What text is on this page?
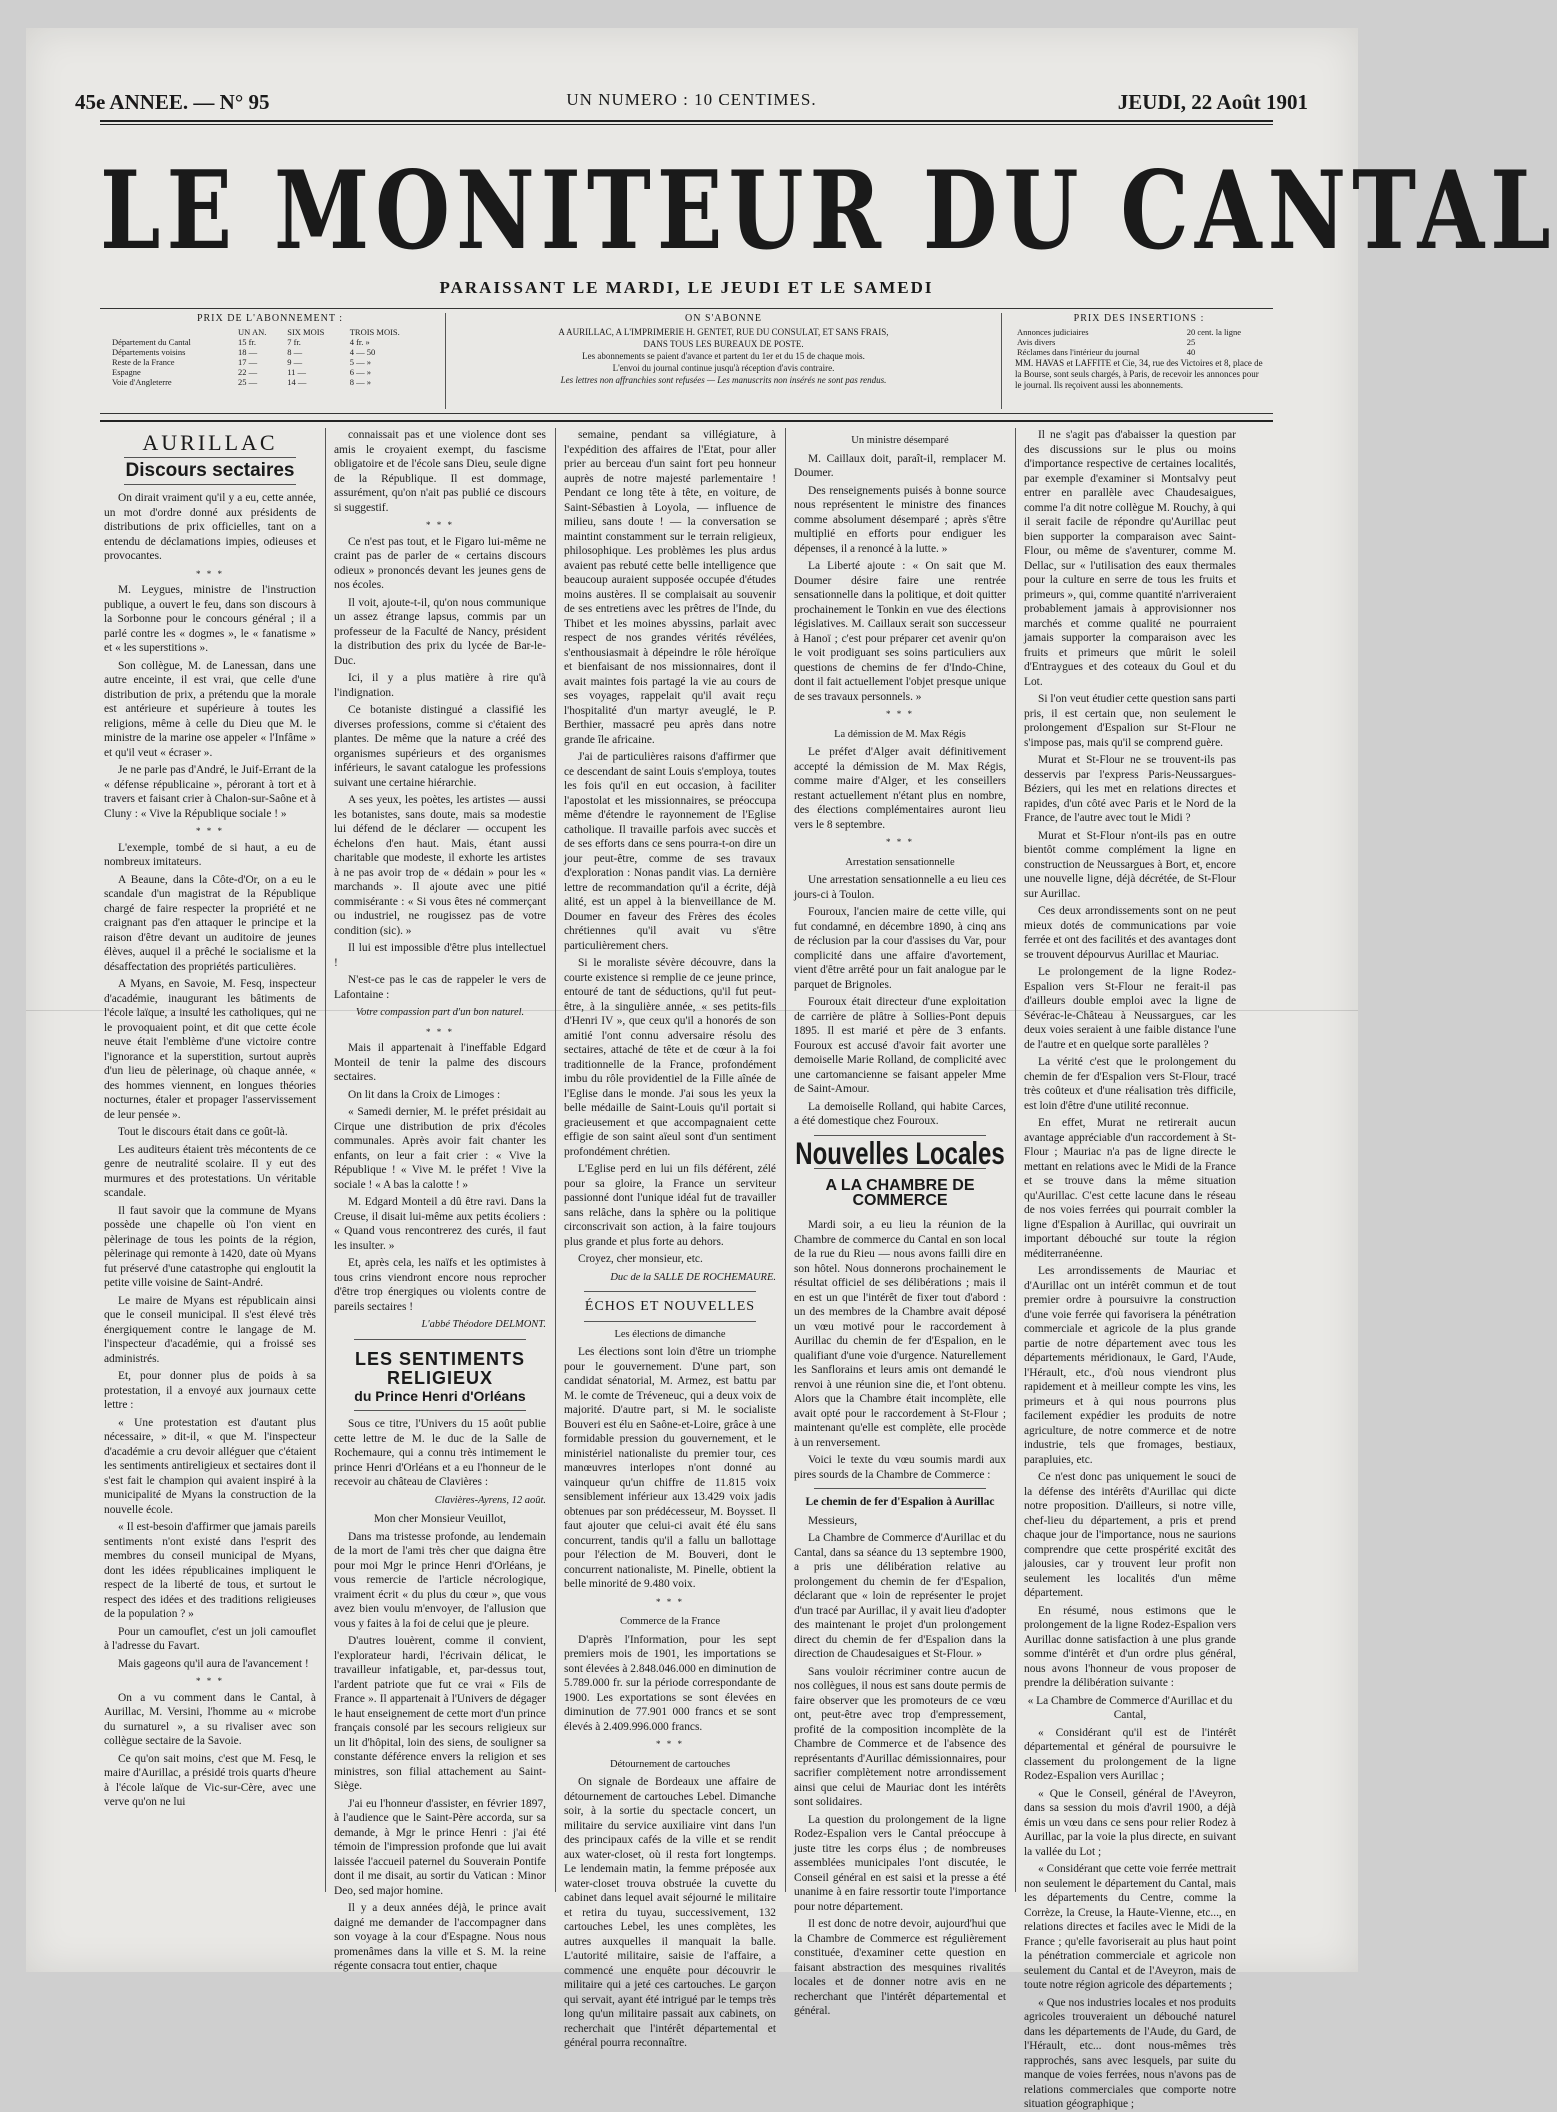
45e ANNEE. — N° 95	UN NUMERO : 10 CENTIMES.	JEUDI, 22 Août 1901
LE MONITEUR DU CANTAL
PARAISSANT LE MARDI, LE JEUDI ET LE SAMEDI
PRIX DE L'ABONNEMENT :
	UN AN.	SIX MOIS	TROIS MOIS.
Département du Cantal	15 fr.	7 fr.	4 fr. »
Départements voisins	18 —	8 —	4 — 50
Reste de la France	17 —	9 —	5 — »
Espagne	22 —	11 —	6 — »
Voie d'Angleterre	25 —	14 —	8 — »
ON S'ABONNE

A AURILLAC, A L'IMPRIMERIE H. GENTET, RUE DU CONSULAT, ET SANS FRAIS,

DANS TOUS LES BUREAUX DE POSTE.

Les abonnements se paient d'avance et partent du 1er et du 15 de chaque mois.

L'envoi du journal continue jusqu'à réception d'avis contraire.

Les lettres non affranchies sont refusées — Les manuscrits non insérés ne sont pas rendus.

PRIX DES INSERTIONS :
Annonces judiciaires	20 cent. la ligne
Avis divers	25
Réclames dans l'intérieur du journal	40

MM. HAVAS et LAFFITE et Cie, 34, rue des Victoires et 8, place de la Bourse, sont seuls chargés, à Paris, de recevoir les annonces pour le journal. Ils reçoivent aussi les abonnements.

AURILLAC
Discours sectaires

On dirait vraiment qu'il y a eu, cette année, un mot d'ordre donné aux présidents de distributions de prix officielles, tant on a entendu de déclamations impies, odieuses et provocantes.

* * *

M. Leygues, ministre de l'instruction publique, a ouvert le feu, dans son discours à la Sorbonne pour le concours général ; il a parlé contre les « dogmes », le « fanatisme » et « les superstitions ».

Son collègue, M. de Lanessan, dans une autre enceinte, il est vrai, que celle d'une distribution de prix, a prétendu que la morale est antérieure et supérieure à toutes les religions, même à celle du Dieu que M. le ministre de la marine ose appeler « l'Infâme » et qu'il veut « écraser ».

Je ne parle pas d'André, le Juif-Errant de la « défense républicaine », pérorant à tort et à travers et faisant crier à Chalon-sur-Saône et à Cluny : « Vive la République sociale ! »

* * *

L'exemple, tombé de si haut, a eu de nombreux imitateurs.

A Beaune, dans la Côte-d'Or, on a eu le scandale d'un magistrat de la République chargé de faire respecter la propriété et ne craignant pas d'en attaquer le principe et la raison d'être devant un auditoire de jeunes élèves, auquel il a prêché le socialisme et la désaffectation des propriétés particulières.

A Myans, en Savoie, M. Fesq, inspecteur d'académie, inaugurant les bâtiments de l'école laïque, a insulté les catholiques, qui ne le provoquaient point, et dit que cette école neuve était l'emblème d'une victoire contre l'ignorance et la superstition, surtout auprès d'un lieu de pèlerinage, où chaque année, « des hommes viennent, en longues théories nocturnes, étaler et propager l'asservissement de leur pensée ».

Tout le discours était dans ce goût-là.

Les auditeurs étaient très mécontents de ce genre de neutralité scolaire. Il y eut des murmures et des protestations. Un véritable scandale.

Il faut savoir que la commune de Myans possède une chapelle où l'on vient en pèlerinage de tous les points de la région, pèlerinage qui remonte à 1420, date où Myans fut préservé d'une catastrophe qui engloutit la petite ville voisine de Saint-André.

Le maire de Myans est républicain ainsi que le conseil municipal. Il s'est élevé très énergiquement contre le langage de M. l'inspecteur d'académie, qui a froissé ses administrés.

Et, pour donner plus de poids à sa protestation, il a envoyé aux journaux cette lettre :

« Une protestation est d'autant plus nécessaire, » dit-il, « que M. l'inspecteur d'académie a cru devoir alléguer que c'étaient les sentiments antireligieux et sectaires dont il s'est fait le champion qui avaient inspiré à la municipalité de Myans la construction de la nouvelle école.

« Il est-besoin d'affirmer que jamais pareils sentiments n'ont existé dans l'esprit des membres du conseil municipal de Myans, dont les idées républicaines impliquent le respect de la liberté de tous, et surtout le respect des idées et des traditions religieuses de la population ? »

Pour un camouflet, c'est un joli camouflet à l'adresse du Favart.

Mais gageons qu'il aura de l'avancement !

* * *

On a vu comment dans le Cantal, à Aurillac, M. Versini, l'homme au « microbe du surnaturel », a su rivaliser avec son collègue sectaire de la Savoie.

Ce qu'on sait moins, c'est que M. Fesq, le maire d'Aurillac, a présidé trois quarts d'heure à l'école laïque de Vic-sur-Cère, avec une verve qu'on ne lui

connaissait pas et une violence dont ses amis le croyaient exempt, du fascisme obligatoire et de l'école sans Dieu, seule digne de la République. Il est dommage, assurément, qu'on n'ait pas publié ce discours si suggestif.

* * *

Ce n'est pas tout, et le Figaro lui-même ne craint pas de parler de « certains discours odieux » prononcés devant les jeunes gens de nos écoles.

Il voit, ajoute-t-il, qu'on nous communique un assez étrange lapsus, commis par un professeur de la Faculté de Nancy, président la distribution des prix du lycée de Bar-le-Duc.

Ici, il y a plus matière à rire qu'à l'indignation.

Ce botaniste distingué a classifié les diverses professions, comme si c'étaient des plantes. De même que la nature a créé des organismes supérieurs et des organismes inférieurs, le savant catalogue les professions suivant une certaine hiérarchie.

A ses yeux, les poètes, les artistes — aussi les botanistes, sans doute, mais sa modestie lui défend de le déclarer — occupent les échelons d'en haut. Mais, étant aussi charitable que modeste, il exhorte les artistes à ne pas avoir trop de « dédain » pour les « marchands ». Il ajoute avec une pitié commisérante : « Si vous êtes né commerçant ou industriel, ne rougissez pas de votre condition (sic). »

Il lui est impossible d'être plus intellectuel !

N'est-ce pas le cas de rappeler le vers de Lafontaine :

Votre compassion part d'un bon naturel.

* * *

Mais il appartenait à l'ineffable Edgard Monteil de tenir la palme des discours sectaires.

On lit dans la Croix de Limoges :

« Samedi dernier, M. le préfet présidait au Cirque une distribution de prix d'écoles communales. Après avoir fait chanter les enfants, on leur a fait crier : « Vive la République ! « Vive M. le préfet ! Vive la sociale ! « A bas la calotte ! »

M. Edgard Monteil a dû être ravi. Dans la Creuse, il disait lui-même aux petits écoliers : « Quand vous rencontrerez des curés, il faut les insulter. »

Et, après cela, les naïfs et les optimistes à tous crins viendront encore nous reprocher d'être trop énergiques ou violents contre de pareils sectaires !

L'abbé Théodore DELMONT.

LES SENTIMENTS RELIGIEUX
du Prince Henri d'Orléans

Sous ce titre, l'Univers du 15 août publie cette lettre de M. le duc de la Salle de Rochemaure, qui a connu très intimement le prince Henri d'Orléans et a eu l'honneur de le recevoir au château de Clavières :

Clavières-Ayrens, 12 août.

Mon cher Monsieur Veuillot,

Dans ma tristesse profonde, au lendemain de la mort de l'ami très cher que daigna être pour moi Mgr le prince Henri d'Orléans, je vous remercie de l'article nécrologique, vraiment écrit « du plus du cœur », que vous avez bien voulu m'envoyer, de l'allusion que vous y faites à la foi de celui que je pleure.

D'autres louèrent, comme il convient, l'explorateur hardi, l'écrivain délicat, le travailleur infatigable, et, par-dessus tout, l'ardent patriote que fut ce vrai « Fils de France ». Il appartenait à l'Univers de dégager le haut enseignement de cette mort d'un prince français consolé par les secours religieux sur un lit d'hôpital, loin des siens, de souligner sa constante déférence envers la religion et ses ministres, son filial attachement au Saint-Siège.

J'ai eu l'honneur d'assister, en février 1897, à l'audience que le Saint-Père accorda, sur sa demande, à Mgr le prince Henri : j'ai été témoin de l'impression profonde que lui avait laissée l'accueil paternel du Souverain Pontife dont il me disait, au sortir du Vatican : Minor Deo, sed major homine.

Il y a deux années déjà, le prince avait daigné me demander de l'accompagner dans son voyage à la cour d'Espagne. Nous nous promenâmes dans la ville et S. M. la reine régente consacra tout entier, chaque

semaine, pendant sa villégiature, à l'expédition des affaires de l'Etat, pour aller prier au berceau d'un saint fort peu honneur auprès de notre majesté parlementaire ! Pendant ce long tête à tête, en voiture, de Saint-Sébastien à Loyola, — influence de milieu, sans doute ! — la conversation se maintint constamment sur le terrain religieux, philosophique. Les problèmes les plus ardus avaient pas rebuté cette belle intelligence que beaucoup auraient supposée occupée d'études moins austères. Il se complaisait au souvenir de ses entretiens avec les prêtres de l'Inde, du Thibet et les moines abyssins, parlait avec respect de nos grandes vérités révélées, s'enthousiasmait à dépeindre le rôle héroïque et bienfaisant de nos missionnaires, dont il avait maintes fois partagé la vie au cours de ses voyages, rappelait qu'il avait reçu l'hospitalité d'un martyr aveuglé, le P. Berthier, massacré peu après dans notre grande île africaine.

J'ai de particulières raisons d'affirmer que ce descendant de saint Louis s'employa, toutes les fois qu'il en eut occasion, à faciliter l'apostolat et les missionnaires, se préoccupa même d'étendre le rayonnement de l'Eglise catholique. Il travaille parfois avec succès et de ses efforts dans ce sens pourra-t-on dire un jour peut-être, comme de ses travaux d'exploration : Nonas pandit vias. La dernière lettre de recommandation qu'il a écrite, déjà alité, est un appel à la bienveillance de M. Doumer en faveur des Frères des écoles chrétiennes qu'il avait vu s'être particulièrement chers.

Si le moraliste sévère découvre, dans la courte existence si remplie de ce jeune prince, entouré de tant de séductions, qu'il fut peut-être, à la singulière année, « ses petits-fils d'Henri IV », que ceux qu'il a honorés de son amitié l'ont connu adversaire résolu des sectaires, attaché de tête et de cœur à la foi traditionnelle de la France, profondément imbu du rôle providentiel de la Fille aînée de l'Eglise dans le monde. J'ai sous les yeux la belle médaille de Saint-Louis qu'il portait si gracieusement et que accompagnaient cette effigie de son saint aïeul sont d'un sentiment profondément chrétien.

L'Eglise perd en lui un fils déférent, zélé pour sa gloire, la France un serviteur passionné dont l'unique idéal fut de travailler sans relâche, dans la sphère ou la politique circonscrivait son action, à la faire toujours plus grande et plus forte au dehors.

Croyez, cher monsieur, etc.

Duc de la SALLE DE ROCHEMAURE.

ÉCHOS ET NOUVELLES
Les élections de dimanche

Les élections sont loin d'être un triomphe pour le gouvernement. D'une part, son candidat sénatorial, M. Armez, est battu par M. le comte de Tréveneuc, qui a deux voix de majorité. D'autre part, si M. le socialiste Bouveri est élu en Saône-et-Loire, grâce à une formidable pression du gouvernement, et le ministériel nationaliste du premier tour, ces manœuvres interlopes n'ont donné au vainqueur qu'un chiffre de 11.815 voix sensiblement inférieur aux 13.429 voix jadis obtenues par son prédécesseur, M. Boysset. Il faut ajouter que celui-ci avait été élu sans concurrent, tandis qu'il a fallu un ballottage pour l'élection de M. Bouveri, dont le concurrent nationaliste, M. Pinelle, obtient la belle minorité de 9.480 voix.

* * *
Commerce de la France

D'après l'Information, pour les sept premiers mois de 1901, les importations se sont élevées à 2.848.046.000 en diminution de 5.789.000 fr. sur la période correspondante de 1900. Les exportations se sont élevées en diminution de 77.901 000 francs et se sont élevés à 2.409.996.000 francs.

* * *
Détournement de cartouches

On signale de Bordeaux une affaire de détournement de cartouches Lebel. Dimanche soir, à la sortie du spectacle concert, un militaire du service auxiliaire vint dans l'un des principaux cafés de la ville et se rendit aux water-closet, où il resta fort longtemps. Le lendemain matin, la femme préposée aux water-closet trouva obstruée la cuvette du cabinet dans lequel avait séjourné le militaire et retira du tuyau, successivement, 132 cartouches Lebel, les unes complètes, les autres auxquelles il manquait la balle. L'autorité militaire, saisie de l'affaire, a commencé une enquête pour découvrir le militaire qui a jeté ces cartouches. Le garçon qui servait, ayant été intrigué par le temps très long qu'un militaire passait aux cabinets, on recherchait que l'intérêt départemental et général pourra reconnaître.

Un ministre désemparé

M. Caillaux doit, paraît-il, remplacer M. Doumer.

Des renseignements puisés à bonne source nous représentent le ministre des finances comme absolument désemparé ; après s'être multiplié en efforts pour endiguer les dépenses, il a renoncé à la lutte. »

La Liberté ajoute : « On sait que M. Doumer désire faire une rentrée sensationnelle dans la politique, et doit quitter prochainement le Tonkin en vue des élections législatives. M. Caillaux serait son successeur à Hanoï ; c'est pour préparer cet avenir qu'on le voit prodiguant ses soins particuliers aux questions de chemins de fer d'Indo-Chine, dont il fait actuellement l'objet presque unique de ses travaux personnels. »

* * *
La démission de M. Max Régis

Le préfet d'Alger avait définitivement accepté la démission de M. Max Régis, comme maire d'Alger, et les conseillers restant actuellement n'étant plus en nombre, des élections complémentaires auront lieu vers le 8 septembre.

* * *
Arrestation sensationnelle

Une arrestation sensationnelle a eu lieu ces jours-ci à Toulon.

Fouroux, l'ancien maire de cette ville, qui fut condamné, en décembre 1890, à cinq ans de réclusion par la cour d'assises du Var, pour complicité dans une affaire d'avortement, vient d'être arrêté pour un fait analogue par le parquet de Brignoles.

Fouroux était directeur d'une exploitation de carrière de plâtre à Sollies-Pont depuis 1895. Il est marié et père de 3 enfants. Fouroux est accusé d'avoir fait avorter une demoiselle Marie Rolland, de complicité avec une cartomancienne se faisant appeler Mme de Saint-Amour.

La demoiselle Rolland, qui habite Carces, a été domestique chez Fouroux.

Nouvelles Locales
A LA CHAMBRE DE COMMERCE

Mardi soir, a eu lieu la réunion de la Chambre de commerce du Cantal en son local de la rue du Rieu — nous avons failli dire en son hôtel. Nous donnerons prochainement le résultat officiel de ses délibérations ; mais il en est un que l'intérêt de fixer tout d'abord : un des membres de la Chambre avait déposé un vœu motivé pour le raccordement à Aurillac du chemin de fer d'Espalion, en le qualifiant d'une voie d'urgence. Naturellement les Sanflorains et leurs amis ont demandé le renvoi à une réunion sine die, et l'ont obtenu. Alors que la Chambre était incomplète, elle avait opté pour le raccordement à St-Flour ; maintenant qu'elle est complète, elle procède à un renversement.

Voici le texte du vœu soumis mardi aux pires sourds de la Chambre de Commerce :

Le chemin de fer d'Espalion à Aurillac

Messieurs,

La Chambre de Commerce d'Aurillac et du Cantal, dans sa séance du 13 septembre 1900, a pris une délibération relative au prolongement du chemin de fer d'Espalion, déclarant que « loin de représenter le projet d'un tracé par Aurillac, il y avait lieu d'adopter des maintenant le projet d'un prolongement direct du chemin de fer d'Espalion dans la direction de Chaudesaigues et St-Flour. »

Sans vouloir récriminer contre aucun de nos collègues, il nous est sans doute permis de faire observer que les promoteurs de ce vœu ont, peut-être avec trop d'empressement, profité de la composition incomplète de la Chambre de Commerce et de l'absence des représentants d'Aurillac démissionnaires, pour sacrifier complètement notre arrondissement ainsi que celui de Mauriac dont les intérêts sont solidaires.

La question du prolongement de la ligne Rodez-Espalion vers le Cantal préoccupe à juste titre les corps élus ; de nombreuses assemblées municipales l'ont discutée, le Conseil général en est saisi et la presse a été unanime à en faire ressortir toute l'importance pour notre département.

Il est donc de notre devoir, aujourd'hui que la Chambre de Commerce est régulièrement constituée, d'examiner cette question en faisant abstraction des mesquines rivalités locales et de donner notre avis en ne recherchant que l'intérêt départemental et général.

Il ne s'agit pas d'abaisser la question par des discussions sur le plus ou moins d'importance respective de certaines localités, par exemple d'examiner si Montsalvy peut entrer en parallèle avec Chaudesaigues, comme l'a dit notre collègue M. Rouchy, à qui il serait facile de répondre qu'Aurillac peut bien supporter la comparaison avec Saint-Flour, ou même de s'aventurer, comme M. Dellac, sur « l'utilisation des eaux thermales pour la culture en serre de tous les fruits et primeurs », qui, comme quantité n'arriveraient probablement jamais à approvisionner nos marchés et comme qualité ne pourraient jamais supporter la comparaison avec les fruits et primeurs que mûrit le soleil d'Entraygues et des coteaux du Goul et du Lot.

Si l'on veut étudier cette question sans parti pris, il est certain que, non seulement le prolongement d'Espalion sur St-Flour ne s'impose pas, mais qu'il se comprend guère.

Murat et St-Flour ne se trouvent-ils pas desservis par l'express Paris-Neussargues-Béziers, qui les met en relations directes et rapides, d'un côté avec Paris et le Nord de la France, de l'autre avec tout le Midi ?

Murat et St-Flour n'ont-ils pas en outre bientôt comme complément la ligne en construction de Neussargues à Bort, et, encore une nouvelle ligne, déjà décrétée, de St-Flour sur Aurillac.

Ces deux arrondissements sont on ne peut mieux dotés de communications par voie ferrée et ont des facilités et des avantages dont se trouvent dépourvus Aurillac et Mauriac.

Le prolongement de la ligne Rodez-Espalion vers St-Flour ne ferait-il pas d'ailleurs double emploi avec la ligne de Sévérac-le-Château à Neussargues, car les deux voies seraient à une faible distance l'une de l'autre et en quelque sorte parallèles ?

La vérité c'est que le prolongement du chemin de fer d'Espalion vers St-Flour, tracé très coûteux et d'une réalisation très difficile, est loin d'être d'une utilité reconnue.

En effet, Murat ne retirerait aucun avantage appréciable d'un raccordement à St-Flour ; Mauriac n'a pas de ligne directe le mettant en relations avec le Midi de la France et se trouve dans la même situation qu'Aurillac. C'est cette lacune dans le réseau de nos voies ferrées qui pourrait combler la ligne d'Espalion à Aurillac, qui ouvrirait un important débouché sur toute la région méditerranéenne.

Les arrondissements de Mauriac et d'Aurillac ont un intérêt commun et de tout premier ordre à poursuivre la construction d'une voie ferrée qui favorisera la pénétration commerciale et agricole de la plus grande partie de notre département avec tous les départements méridionaux, le Gard, l'Aude, l'Hérault, etc., d'où nous viendront plus rapidement et à meilleur compte les vins, les primeurs et à qui nous pourrons plus facilement expédier les produits de notre agriculture, de notre commerce et de notre industrie, tels que fromages, bestiaux, parapluies, etc.

Ce n'est donc pas uniquement le souci de la défense des intérêts d'Aurillac qui dicte notre proposition. D'ailleurs, si notre ville, chef-lieu du département, a pris et prend chaque jour de l'importance, nous ne saurions comprendre que cette prospérité excitât des jalousies, car y trouvent leur profit non seulement les localités d'un même département.

En résumé, nous estimons que le prolongement de la ligne Rodez-Espalion vers Aurillac donne satisfaction à une plus grande somme d'intérêt et d'un ordre plus général, nous avons l'honneur de vous proposer de prendre la délibération suivante :

« La Chambre de Commerce d'Aurillac et du Cantal,

« Considérant qu'il est de l'intérêt départemental et général de poursuivre le classement du prolongement de la ligne Rodez-Espalion vers Aurillac ;

« Que le Conseil, général de l'Aveyron, dans sa session du mois d'avril 1900, a déjà émis un vœu dans ce sens pour relier Rodez à Aurillac, par la voie la plus directe, en suivant la vallée du Lot ;

« Considérant que cette voie ferrée mettrait non seulement le département du Cantal, mais les départements du Centre, comme la Corrèze, la Creuse, la Haute-Vienne, etc..., en relations directes et faciles avec le Midi de la France ; qu'elle favoriserait au plus haut point la pénétration commerciale et agricole non seulement du Cantal et de l'Aveyron, mais de toute notre région agricole des départements ;

« Que nos industries locales et nos produits agricoles trouveraient un débouché naturel dans les départements de l'Aude, du Gard, de l'Hérault, etc... dont nous-mêmes très rapprochés, sans avec lesquels, par suite du manque de voies ferrées, nous n'avons pas de relations commerciales que comporte notre situation géographique ;
